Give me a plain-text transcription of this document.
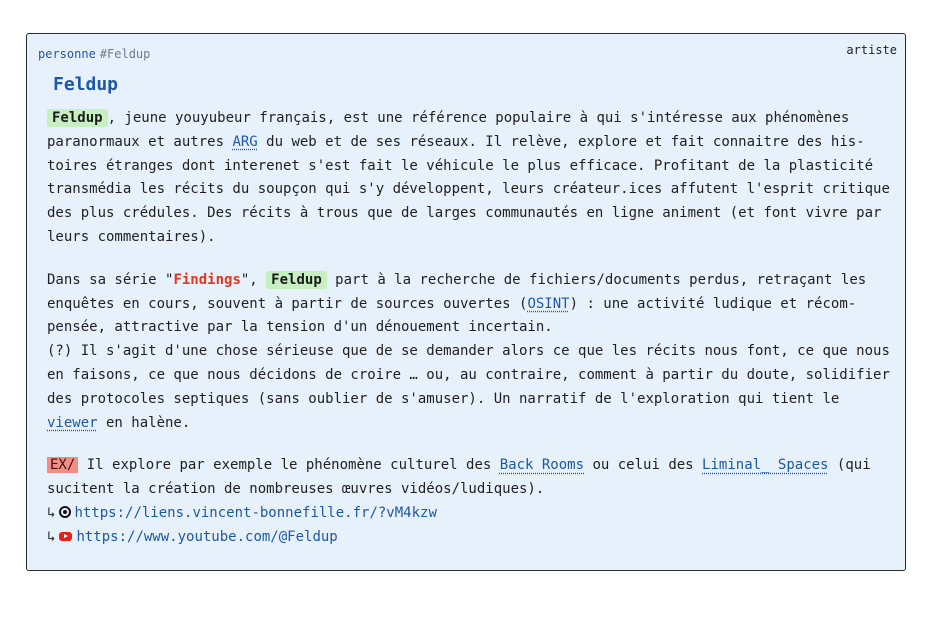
personne #Feldup	artiste
Feldup

Feldup , jeune youyubeur français, est une référence populaire à qui s'intéresse aux phénomènes paranormaux et autres ARG du web et de ses réseaux. Il relève, explore et fait connaitre des histoires étranges dont interenet s'est fait le véhicule le plus efficace. Profitant de la plasticité transmédia les récits du soupçon qui s'y développent, leurs créateur.ices affutent l'esprit critique des plus crédules. Des récits à trous que de larges communautés en ligne animent (et font vivre par leurs commentaires).

Dans sa série "Findings", Feldup part à la recherche de fichiers/documents perdus, retraçant les enquêtes en cours, souvent à partir de sources ouvertes (OSINT) : une activité ludique et récompensée, attractive par la tension d'un dénouement incertain.
(?) Il s'agit d'une chose sérieuse que de se demander alors ce que les récits nous font, ce que nous en faisons, ce que nous décidons de croire … ou, au contraire, comment à partir du doute, solidifier des protocoles septiques (sans oublier de s'amuser). Un narratif de l'exploration qui tient le viewer en halène.

EX/ Il explore par exemple le phénomène culturel des Back Rooms ou celui des Liminal_ Spaces (qui sucitent la création de nombreuses œuvres vidéos/ludiques).
↳ https://liens.vincent-bonnefille.fr/?vM4kzw
↳ https://www.youtube.com/@Feldup
